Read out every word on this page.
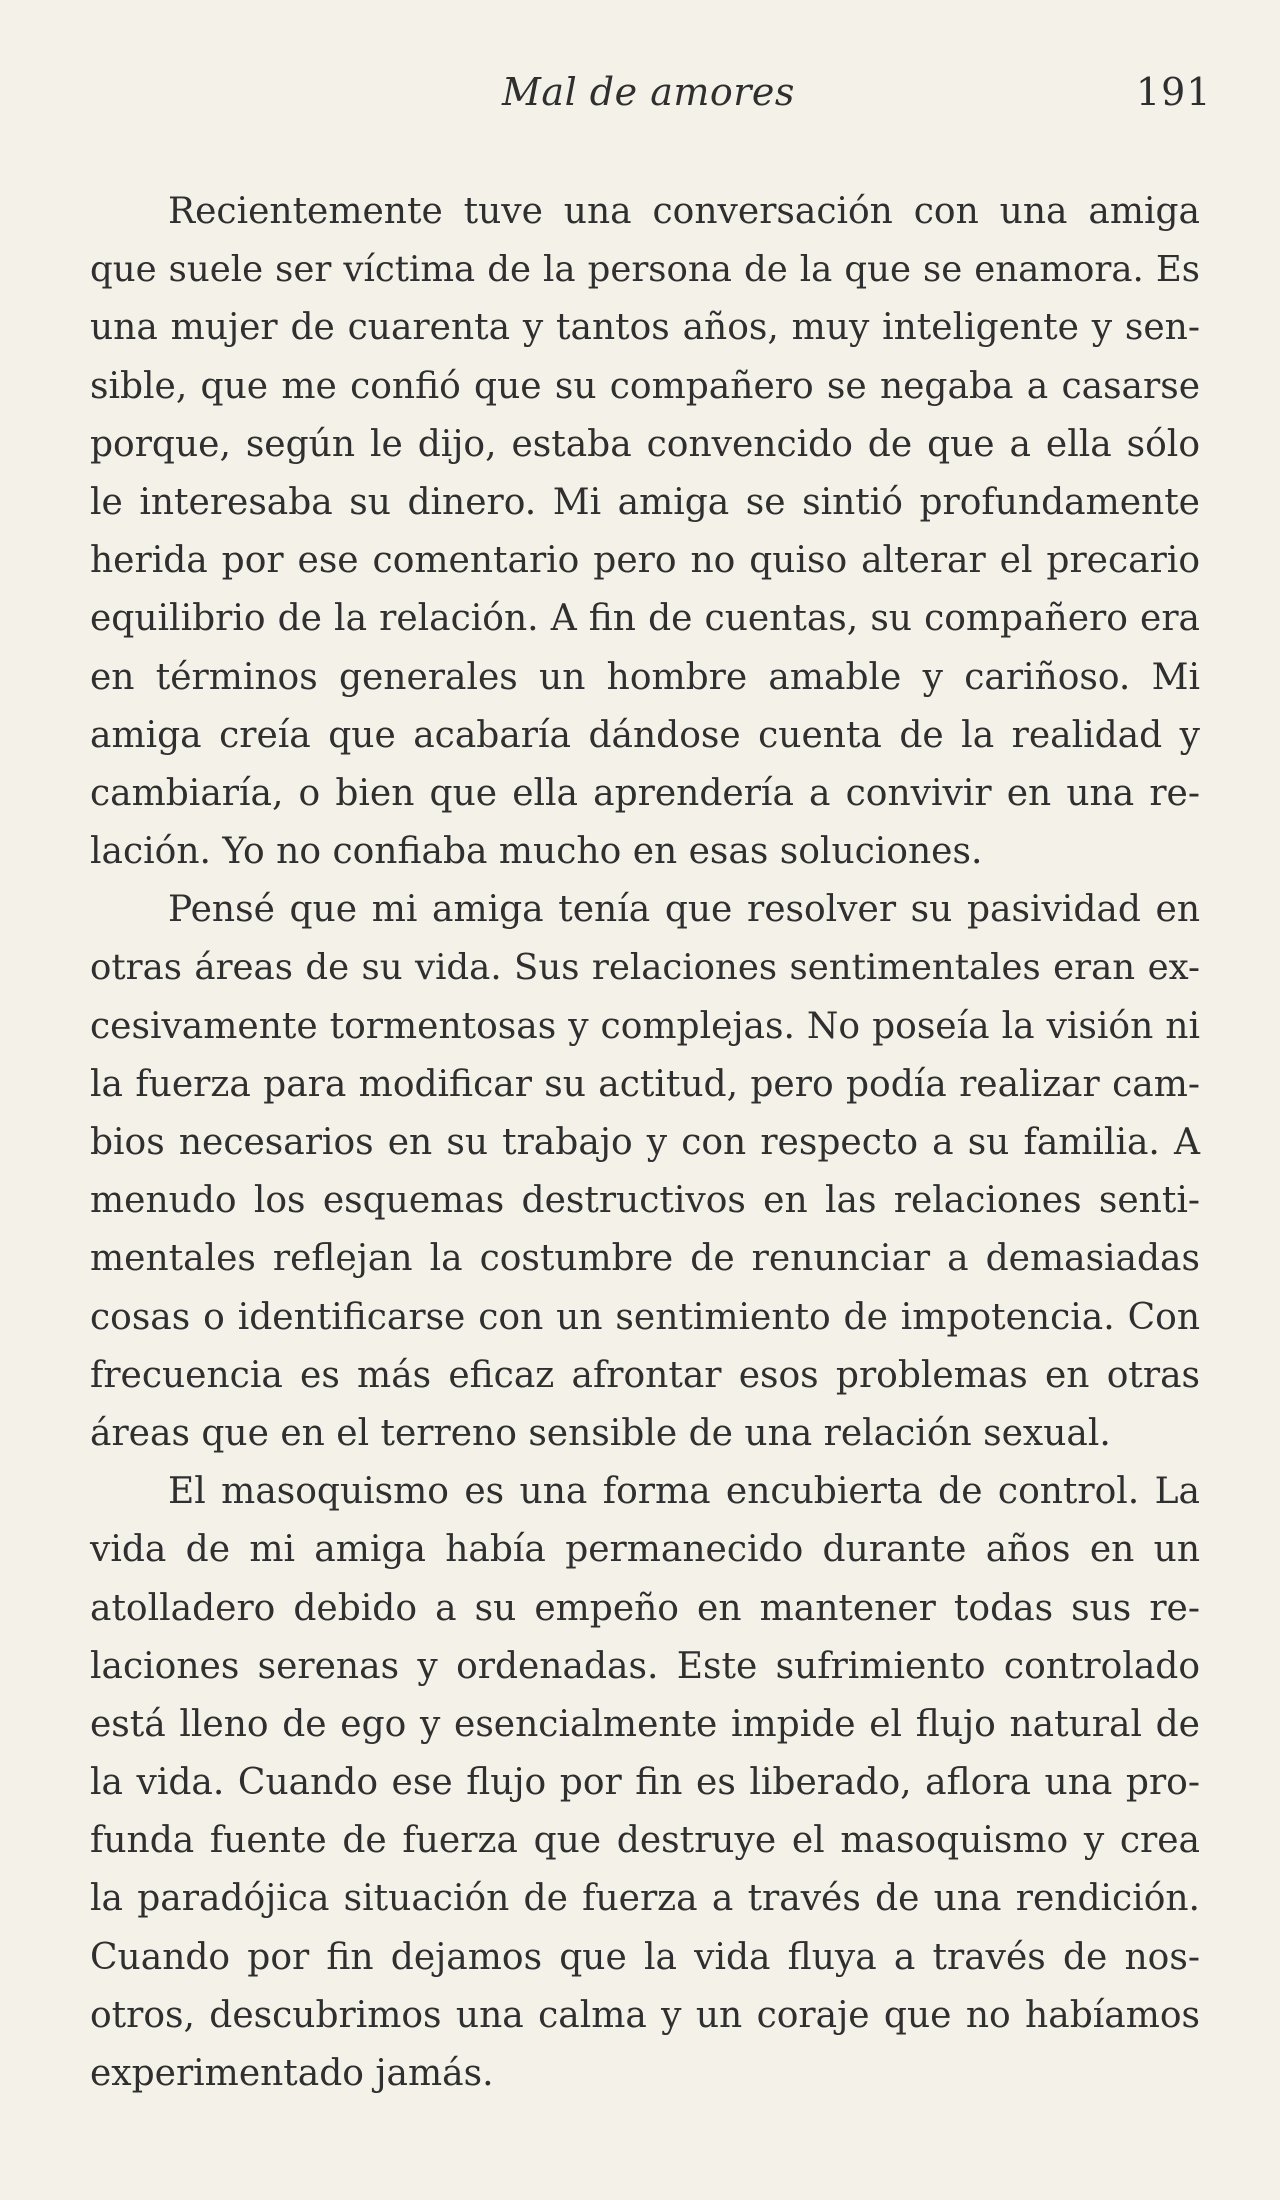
Mal de amores	191
Recientemente tuve una conversación con una amiga
que suele ser víctima de la persona de la que se enamora. Es
una mujer de cuarenta y tantos años, muy inteligente y sen-
sible, que me confió que su compañero se negaba a casarse
porque, según le dijo, estaba convencido de que a ella sólo
le interesaba su dinero. Mi amiga se sintió profundamente
herida por ese comentario pero no quiso alterar el precario
equilibrio de la relación. A fin de cuentas, su compañero era
en términos generales un hombre amable y cariñoso. Mi
amiga creía que acabaría dándose cuenta de la realidad y
cambiaría, o bien que ella aprendería a convivir en una re-
lación. Yo no confiaba mucho en esas soluciones.
Pensé que mi amiga tenía que resolver su pasividad en
otras áreas de su vida. Sus relaciones sentimentales eran ex-
cesivamente tormentosas y complejas. No poseía la visión ni
la fuerza para modificar su actitud, pero podía realizar cam-
bios necesarios en su trabajo y con respecto a su familia. A
menudo los esquemas destructivos en las relaciones senti-
mentales reflejan la costumbre de renunciar a demasiadas
cosas o identificarse con un sentimiento de impotencia. Con
frecuencia es más eficaz afrontar esos problemas en otras
áreas que en el terreno sensible de una relación sexual.
El masoquismo es una forma encubierta de control. La
vida de mi amiga había permanecido durante años en un
atolladero debido a su empeño en mantener todas sus re-
laciones serenas y ordenadas. Este sufrimiento controlado
está lleno de ego y esencialmente impide el flujo natural de
la vida. Cuando ese flujo por fin es liberado, aflora una pro-
funda fuente de fuerza que destruye el masoquismo y crea
la paradójica situación de fuerza a través de una rendición.
Cuando por fin dejamos que la vida fluya a través de nos-
otros, descubrimos una calma y un coraje que no habíamos
experimentado jamás.
